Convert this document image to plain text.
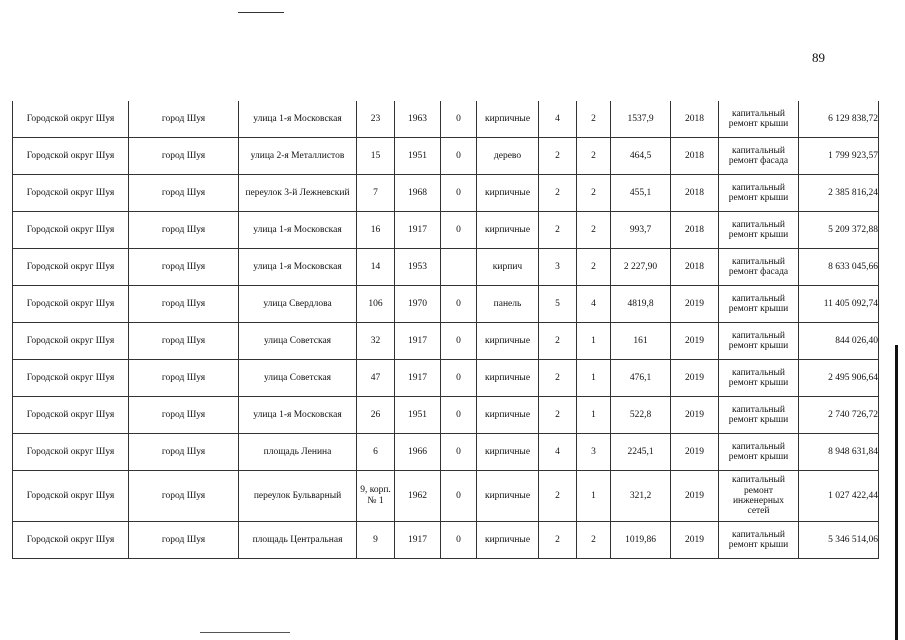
89
Городской округ Шуя	город Шуя	улица 1-я Московская	23	1963	0	кирпичные	4	2	1537,9	2018	капитальный ремонт крыши	6 129 838,72
Городской округ Шуя	город Шуя	улица 2-я Металлистов	15	1951	0	дерево	2	2	464,5	2018	капитальный ремонт фасада	1 799 923,57
Городской округ Шуя	город Шуя	переулок 3-й Лежневский	7	1968	0	кирпичные	2	2	455,1	2018	капитальный ремонт крыши	2 385 816,24
Городской округ Шуя	город Шуя	улица 1-я Московская	16	1917	0	кирпичные	2	2	993,7	2018	капитальный ремонт крыши	5 209 372,88
Городской округ Шуя	город Шуя	улица 1-я Московская	14	1953		кирпич	3	2	2 227,90	2018	капитальный ремонт фасада	8 633 045,66
Городской округ Шуя	город Шуя	улица Свердлова	106	1970	0	панель	5	4	4819,8	2019	капитальный ремонт крыши	11 405 092,74
Городской округ Шуя	город Шуя	улица Советская	32	1917	0	кирпичные	2	1	161	2019	капитальный ремонт крыши	844 026,40
Городской округ Шуя	город Шуя	улица Советская	47	1917	0	кирпичные	2	1	476,1	2019	капитальный ремонт крыши	2 495 906,64
Городской округ Шуя	город Шуя	улица 1-я Московская	26	1951	0	кирпичные	2	1	522,8	2019	капитальный ремонт крыши	2 740 726,72
Городской округ Шуя	город Шуя	площадь Ленина	6	1966	0	кирпичные	4	3	2245,1	2019	капитальный ремонт крыши	8 948 631,84
Городской округ Шуя	город Шуя	переулок Бульварный	9, корп. № 1	1962	0	кирпичные	2	1	321,2	2019	капитальный ремонт инженерных сетей	1 027 422,44
Городской округ Шуя	город Шуя	площадь Центральная	9	1917	0	кирпичные	2	2	1019,86	2019	капитальный ремонт крыши	5 346 514,06
